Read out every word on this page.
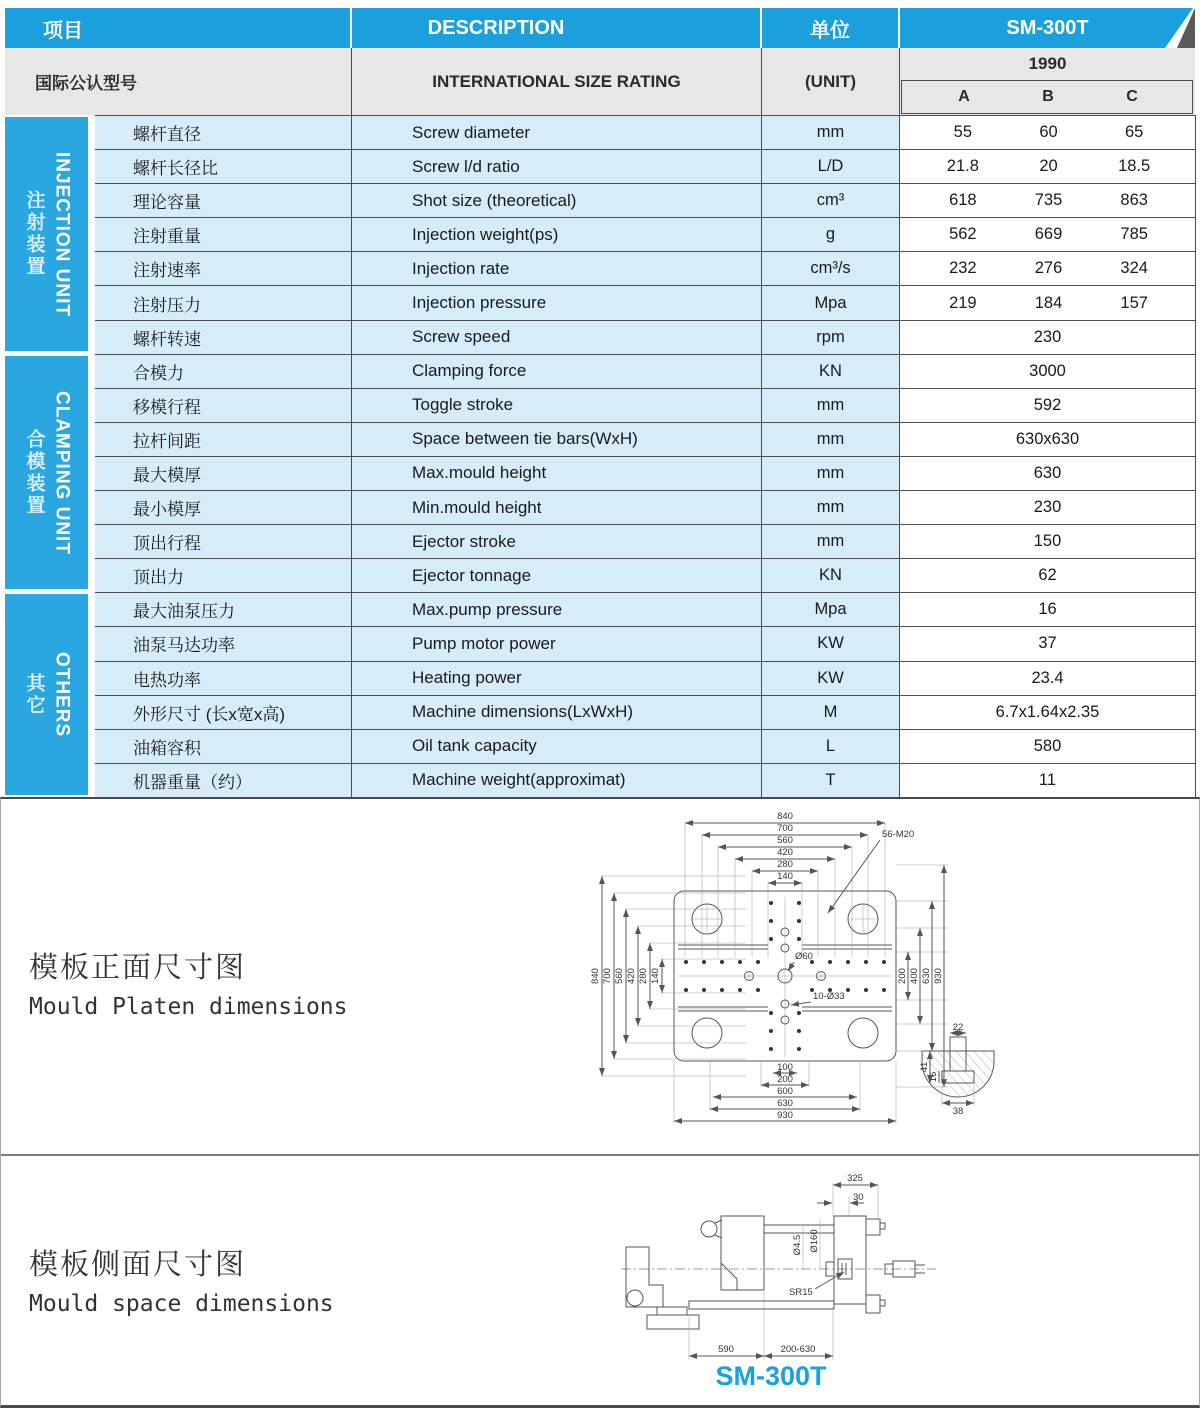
项目	DESCRIPTION	单位	SM-300T
国际公认型号	INTERNATIONAL SIZE RATING	(UNIT)
1990
A	B	C
注射装置 INJECTION UNIT
合模装置 CLAMPING UNIT
其它 OTHERS
螺杆直径	Screw diameter	mm	55	60	65
螺杆长径比	Screw l/d ratio	L/D	21.8	20	18.5
理论容量	Shot size (theoretical)	cm³	618	735	863
注射重量	Injection weight(ps)	g	562	669	785
注射速率	Injection rate	cm³/s	232	276	324
注射压力	Injection pressure	Mpa	219	184	157
螺杆转速	Screw speed	rpm	230
合模力	Clamping force	KN	3000
移模行程	Toggle stroke	mm	592
拉杆间距	Space between tie bars(WxH)	mm	630x630
最大模厚	Max.mould height	mm	630
最小模厚	Min.mould height	mm	230
顶出行程	Ejector stroke	mm	150
顶出力	Ejector tonnage	KN	62
最大油泵压力	Max.pump pressure	Mpa	16
油泵马达功率	Pump motor power	KW	37
电热功率	Heating power	KW	23.4
外形尺寸 (长x宽x高)	Machine dimensions(LxWxH)	M	6.7x1.64x2.35
油箱容积	Oil tank capacity	L	580
机器重量（约）	Machine weight(approximat)	T	11
模板正面尺寸图
Mould Platen dimensions
840
700
560
420
280
140
840 700 560 420 280 140	200 400 630 930
100
200
600
630
930
56-M20
Ø60
10-Ø33
22
41
16
38
模板侧面尺寸图
Mould space dimensions
325
30
Ø4.5 Ø160
SR15
590	200-630
SM-300T
